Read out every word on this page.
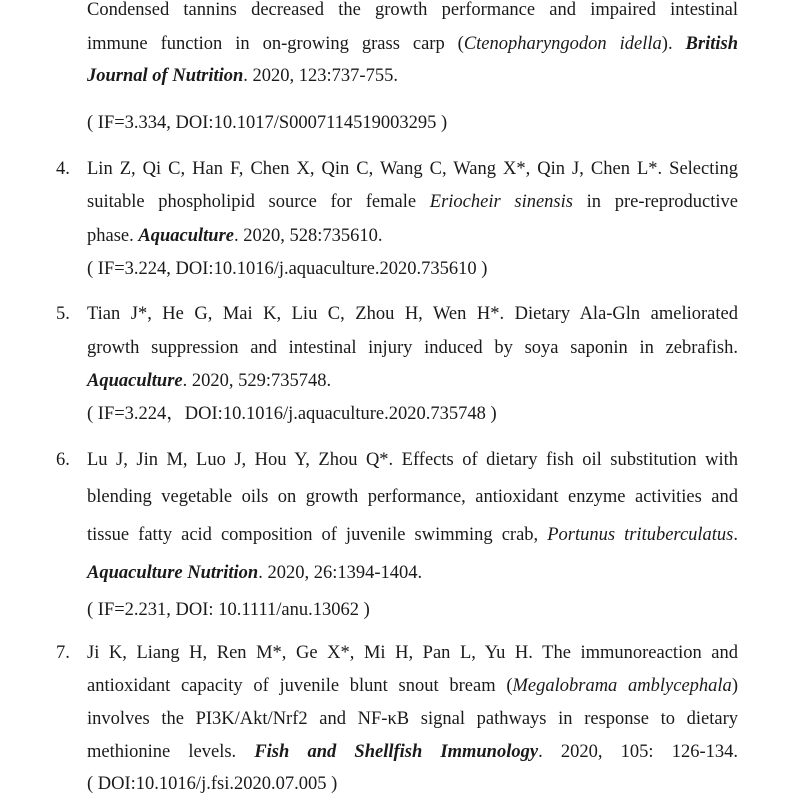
Condensed tannins decreased the growth performance and impaired intestinal
immune function in on-growing grass carp (Ctenopharyngodon idella). British
Journal of Nutrition. 2020, 123:737-755.
( IF=3.334, DOI:10.1017/S0007114519003295 )
4. Lin Z, Qi C, Han F, Chen X, Qin C, Wang C, Wang X*, Qin J, Chen L*. Selecting
suitable phospholipid source for female Eriocheir sinensis in pre-reproductive
phase. Aquaculture. 2020, 528:735610.
( IF=3.224, DOI:10.1016/j.aquaculture.2020.735610 )
5. Tian J*, He G, Mai K, Liu C, Zhou H, Wen H*. Dietary Ala-Gln ameliorated
growth suppression and intestinal injury induced by soya saponin in zebrafish.
Aquaculture. 2020, 529:735748.
( IF=3.224，DOI:10.1016/j.aquaculture.2020.735748 )
6. Lu J, Jin M, Luo J, Hou Y, Zhou Q*. Effects of dietary fish oil substitution with
blending vegetable oils on growth performance, antioxidant enzyme activities and
tissue fatty acid composition of juvenile swimming crab, Portunus trituberculatus.
Aquaculture Nutrition. 2020, 26:1394-1404.
( IF=2.231, DOI: 10.1111/anu.13062 )
7. Ji K, Liang H, Ren M*, Ge X*, Mi H, Pan L, Yu H. The immunoreaction and
antioxidant capacity of juvenile blunt snout bream (Megalobrama amblycephala)
involves the PI3K/Akt/Nrf2 and NF-κB signal pathways in response to dietary
methionine levels. Fish and Shellfish Immunology. 2020, 105: 126-134.
( DOI:10.1016/j.fsi.2020.07.005 )
